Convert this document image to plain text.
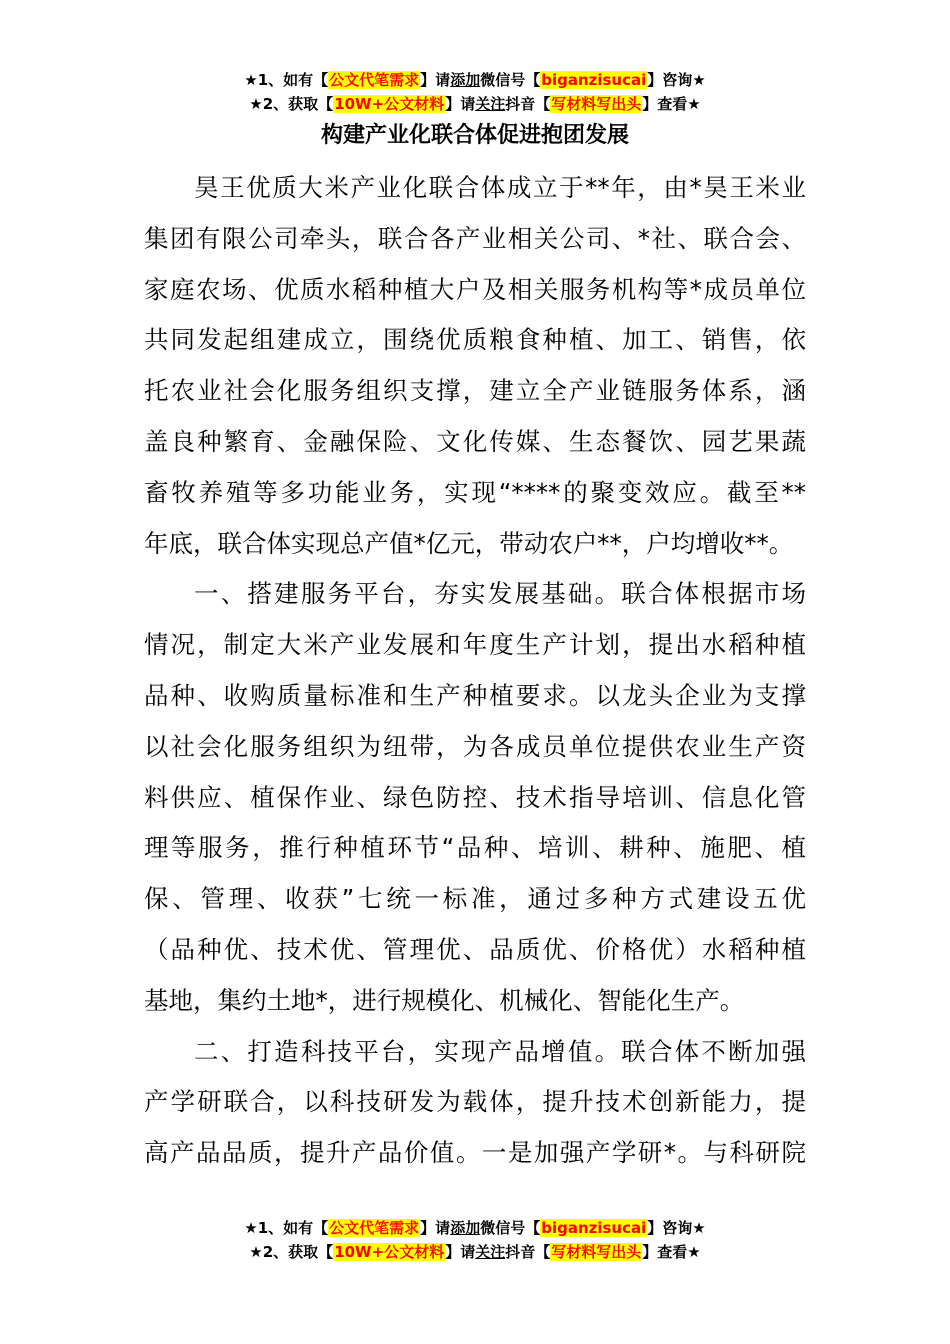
★1、如有【公文代笔需求】请添加微信号【biganzisucai】咨询★
★2、获取【10W+公文材料】请关注抖音【写材料写出头】查看★
构建产业化联合体促进抱团发展
昊王优质大米产业化联合体成立于**年，由*昊王米业
集团有限公司牵头，联合各产业相关公司、*社、联合会、
家庭农场、优质水稻种植大户及相关服务机构等*成员单位
共同发起组建成立，围绕优质粮食种植、加工、销售，依
托农业社会化服务组织支撑，建立全产业链服务体系，涵
盖良种繁育、金融保险、文化传媒、生态餐饮、园艺果蔬
畜牧养殖等多功能业务，实现“****的聚变效应。截至**
年底，联合体实现总产值*亿元，带动农户**，户均增收**。
一、搭建服务平台，夯实发展基础。联合体根据市场
情况，制定大米产业发展和年度生产计划，提出水稻种植
品种、收购质量标准和生产种植要求。以龙头企业为支撑
以社会化服务组织为纽带，为各成员单位提供农业生产资
料供应、植保作业、绿色防控、技术指导培训、信息化管
理等服务，推行种植环节“品种、培训、耕种、施肥、植
保、管理、收获”七统一标准，通过多种方式建设五优
（品种优、技术优、管理优、品质优、价格优）水稻种植
基地，集约土地*，进行规模化、机械化、智能化生产。
二、打造科技平台，实现产品增值。联合体不断加强
产学研联合，以科技研发为载体，提升技术创新能力，提
高产品品质，提升产品价值。一是加强产学研*。与科研院
★1、如有【公文代笔需求】请添加微信号【biganzisucai】咨询★
★2、获取【10W+公文材料】请关注抖音【写材料写出头】查看★
